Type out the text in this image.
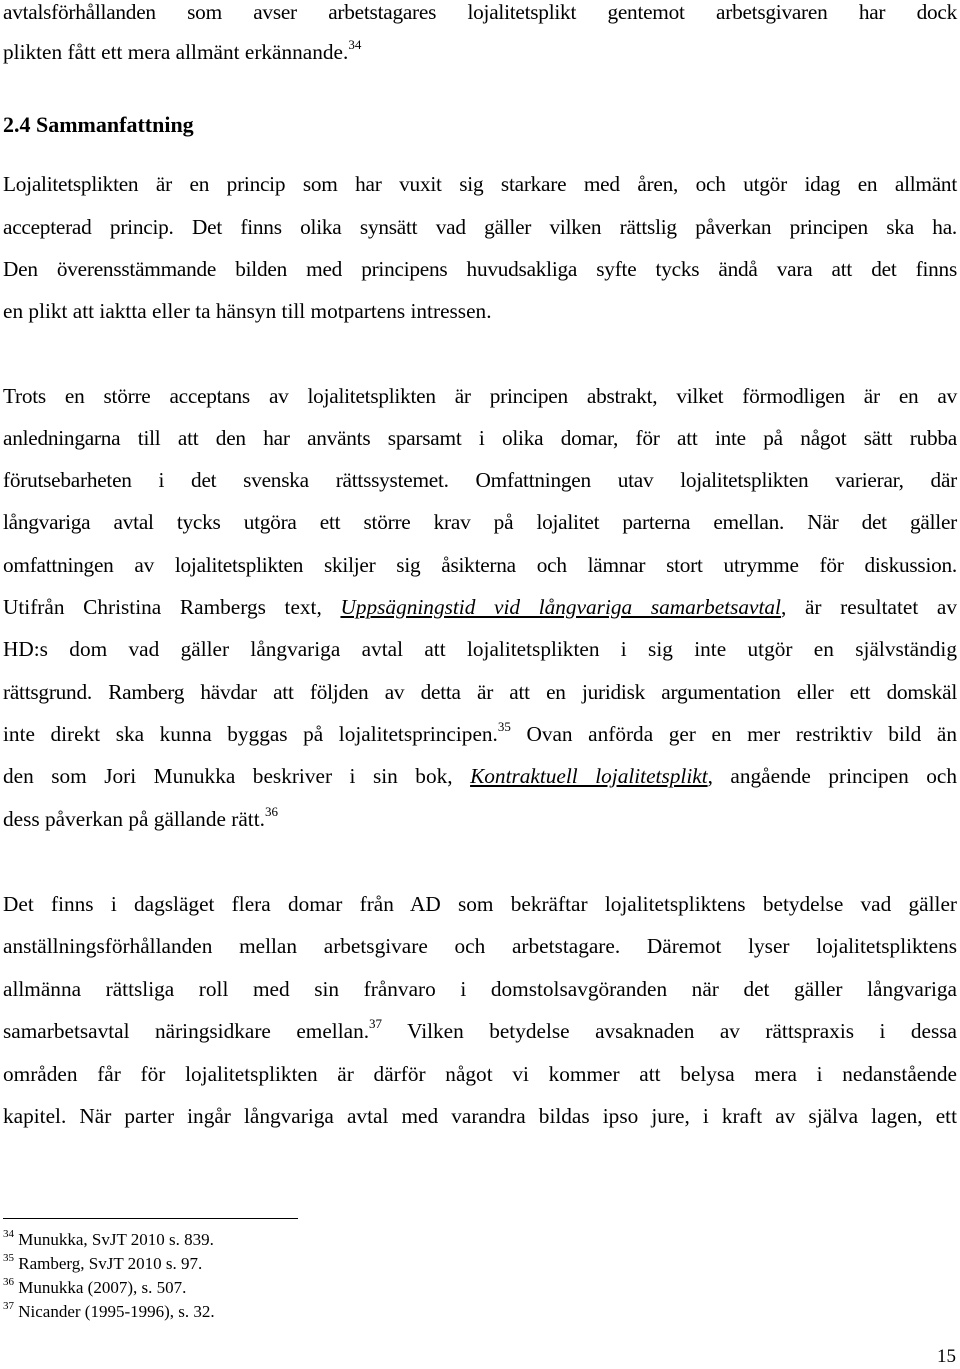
avtalsförhållanden som avser arbetstagares lojalitetsplikt gentemot arbetsgivaren har dock
plikten fått ett mera allmänt erkännande.$^{34}$
2.4 Sammanfattning
Lojalitetsplikten är en princip som har vuxit sig starkare med åren, och utgör idag en allmänt
accepterad princip. Det finns olika synsätt vad gäller vilken rättslig påverkan principen ska ha.
Den överensstämmande bilden med principens huvudsakliga syfte tycks ändå vara att det finns
en plikt att iaktta eller ta hänsyn till motpartens intressen.
Trots en större acceptans av lojalitetsplikten är principen abstrakt, vilket förmodligen är en av
anledningarna till att den har använts sparsamt i olika domar, för att inte på något sätt rubba
förutsebarheten i det svenska rättssystemet. Omfattningen utav lojalitetsplikten varierar, där
långvariga avtal tycks utgöra ett större krav på lojalitet parterna emellan. När det gäller
omfattningen av lojalitetsplikten skiljer sig åsikterna och lämnar stort utrymme för diskussion.
Utifrån Christina Rambergs text, Uppsägningstid vid långvariga samarbetsavtal, är resultatet av
HD:s dom vad gäller långvariga avtal att lojalitetsplikten i sig inte utgör en självständig
rättsgrund. Ramberg hävdar att följden av detta är att en juridisk argumentation eller ett domskäl
inte direkt ska kunna byggas på lojalitetsprincipen.$^{35}$ Ovan anförda ger en mer restriktiv bild än
den som Jori Munukka beskriver i sin bok, Kontraktuell lojalitetsplikt, angående principen och
dess påverkan på gällande rätt.$^{36}$
Det finns i dagsläget flera domar från AD som bekräftar lojalitetspliktens betydelse vad gäller
anställningsförhållanden mellan arbetsgivare och arbetstagare. Däremot lyser lojalitetspliktens
allmänna rättsliga roll med sin frånvaro i domstolsavgöranden när det gäller långvariga
samarbetsavtal näringsidkare emellan.$^{37}$ Vilken betydelse avsaknaden av rättspraxis i dessa
områden får för lojalitetsplikten är därför något vi kommer att belysa mera i nedanstående
kapitel. När parter ingår långvariga avtal med varandra bildas ipso jure, i kraft av själva lagen, ett
$^{34}$ Munukka, SvJT 2010 s. 839.
$^{35}$ Ramberg, SvJT 2010 s. 97.
$^{36}$ Munukka (2007), s. 507.
$^{37}$ Nicander (1995-1996), s. 32.
15
